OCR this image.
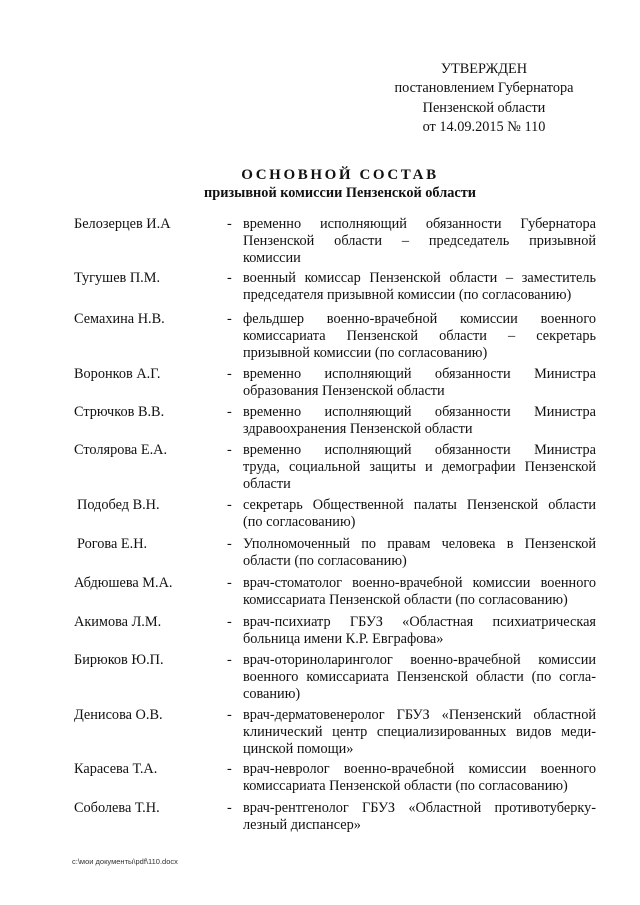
УТВЕРЖДЕН
постановлением Губернатора
Пензенской области
от 14.09.2015 № 110
ОСНОВНОЙ СОСТАВ
призывной комиссии Пензенской области
Белозерцев И.А	- временно исполняющий обязанности Губернатора
Пензенской области – председатель призывной
комиссии
Тугушев П.М.	- военный комиссар Пензенской области – заместитель
председателя призывной комиссии (по согласованию)
Семахина Н.В.	- фельдшер военно-врачебной комиссии военного
комиссариата Пензенской области – секретарь
призывной комиссии (по согласованию)
Воронков А.Г.	- временно исполняющий обязанности Министра
образования Пензенской области
Стрючков В.В.	- временно исполняющий обязанности Министра
здравоохранения Пензенской области
Столярова Е.А.	- временно исполняющий обязанности Министра
труда, социальной защиты и демографии Пензенской
области
Подобед В.Н.	- секретарь Общественной палаты Пензенской области
(по согласованию)
Рогова Е.Н.	- Уполномоченный по правам человека в Пензенской
области (по согласованию)
Абдюшева М.А.	- врач-стоматолог военно-врачебной комиссии военного
комиссариата Пензенской области (по согласованию)
Акимова Л.М.	- врач-психиатр ГБУЗ «Областная психиатрическая
больница имени К.Р. Евграфова»
Бирюков Ю.П.	- врач-оториноларинголог военно-врачебной комиссии
военного комиссариата Пензенской области (по согла-
сованию)
Денисова О.В.	- врач-дерматовенеролог ГБУЗ «Пензенский областной
клинический центр специализированных видов меди-
цинской помощи»
Карасева Т.А.	- врач-невролог военно-врачебной комиссии военного
комиссариата Пензенской области (по согласованию)
Соболева Т.Н.	- врач-рентгенолог ГБУЗ «Областной противотуберку-
лезный диспансер»
c:\мои документы\pdf\110.docx
